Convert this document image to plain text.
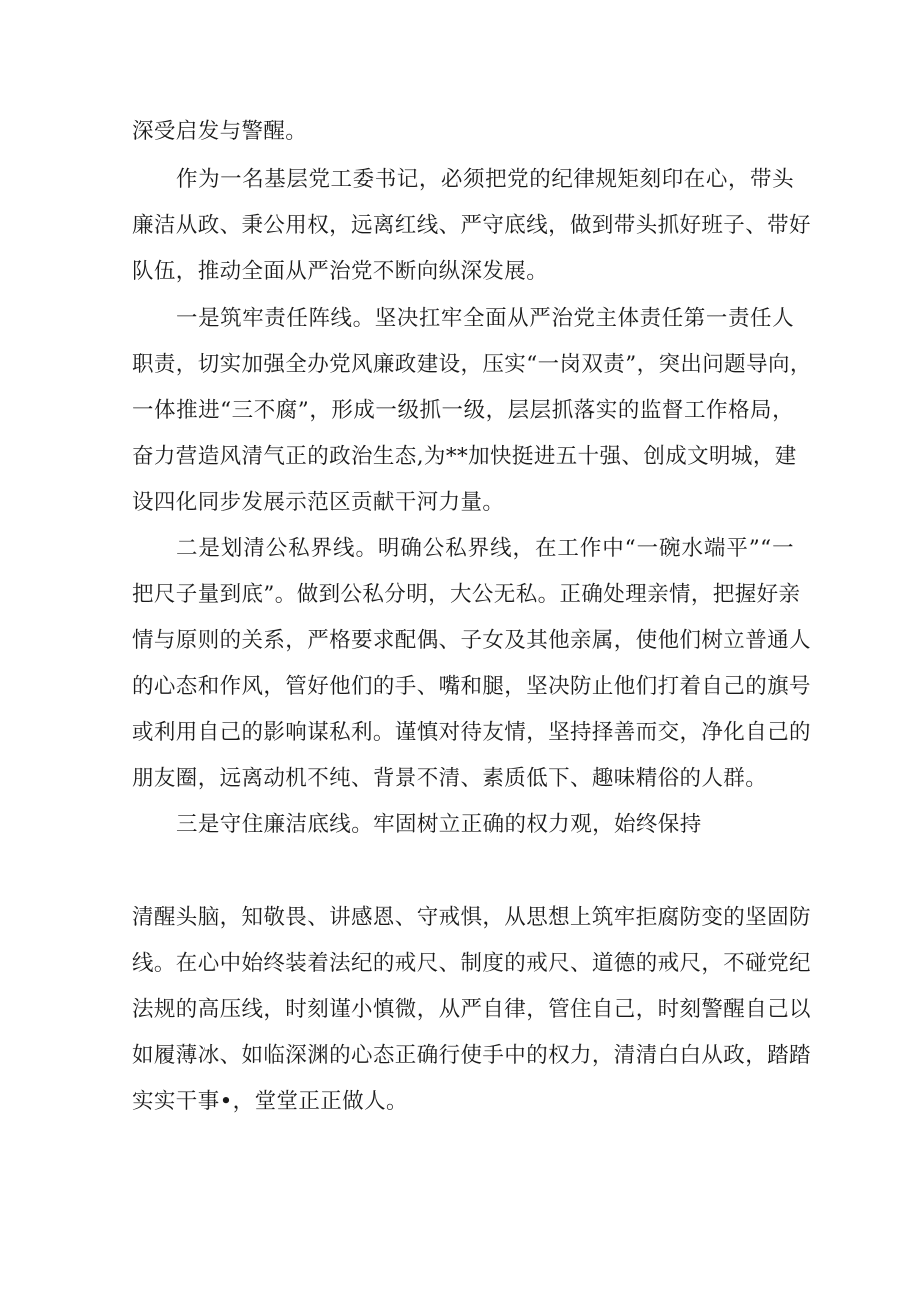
深受启发与警醒。
作为一名基层党工委书记，必须把党的纪律规矩刻印在心，带头
廉洁从政、秉公用权，远离红线、严守底线，做到带头抓好班子、带好
队伍，推动全面从严治党不断向纵深发展。
一是筑牢责任阵线。坚决扛牢全面从严治党主体责任第一责任人
职责，切实加强全办党风廉政建设，压实“一岗双责”，突出问题导向，
一体推进“三不腐”，形成一级抓一级，层层抓落实的监督工作格局，
奋力营造风清气正的政治生态,为**加快挺进五十强、创成文明城，建
设四化同步发展示范区贡献干河力量。
二是划清公私界线。明确公私界线，在工作中“一碗水端平”“一
把尺子量到底”。做到公私分明，大公无私。正确处理亲情，把握好亲
情与原则的关系，严格要求配偶、子女及其他亲属，使他们树立普通人
的心态和作风，管好他们的手、嘴和腿，坚决防止他们打着自己的旗号
或利用自己的影响谋私利。谨慎对待友情，坚持择善而交，净化自己的
朋友圈，远离动机不纯、背景不清、素质低下、趣味精俗的人群。
三是守住廉洁底线。牢固树立正确的权力观，始终保持
清醒头脑，知敬畏、讲感恩、守戒惧，从思想上筑牢拒腐防变的坚固防
线。在心中始终装着法纪的戒尺、制度的戒尺、道德的戒尺，不碰党纪
法规的高压线，时刻谨小慎微，从严自律，管住自己，时刻警醒自己以
如履薄冰、如临深渊的心态正确行使手中的权力，清清白白从政，踏踏
实实干事•，堂堂正正做人。
